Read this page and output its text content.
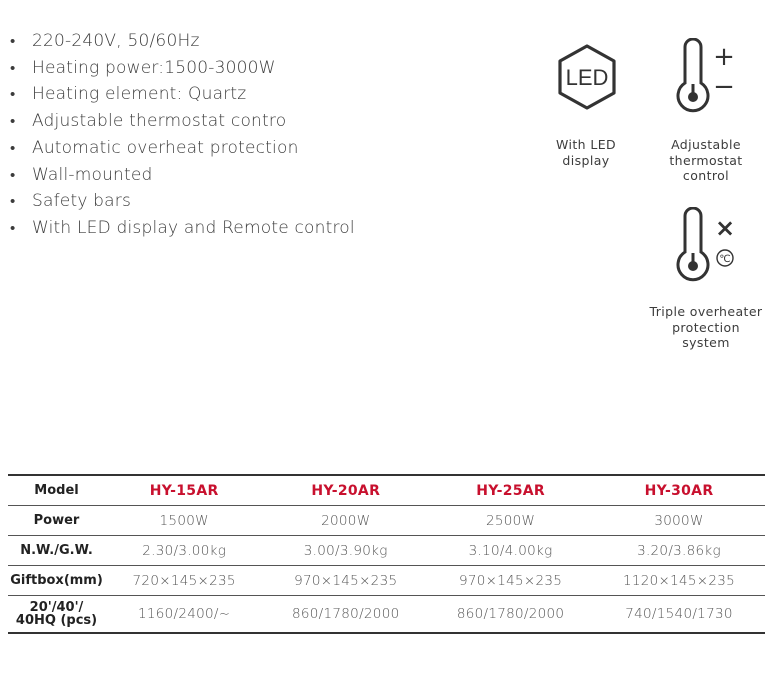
• 220-240V, 50/60Hz
• Heating power:1500-3000W
• Heating element: Quartz
• Adjustable thermostat contro
• Automatic overheat protection
• Wall-mounted
• Safety bars
• With LED display and Remote control
LED
With LED
display
+
−
Adjustable
thermostat
control
×
℃
Triple overheater
protection
system
Model	HY-15AR	HY-20AR	HY-25AR	HY-30AR
Power	1500W	2000W	2500W	3000W
N.W./G.W.	2.30/3.00kg	3.00/3.90kg	3.10/4.00kg	3.20/3.86kg
Giftbox(mm)	720×145×235	970×145×235	970×145×235	1120×145×235

20'/40'/
40HQ (pcs)	1160/2400/~	860/1780/2000	860/1780/2000	740/1540/1730
